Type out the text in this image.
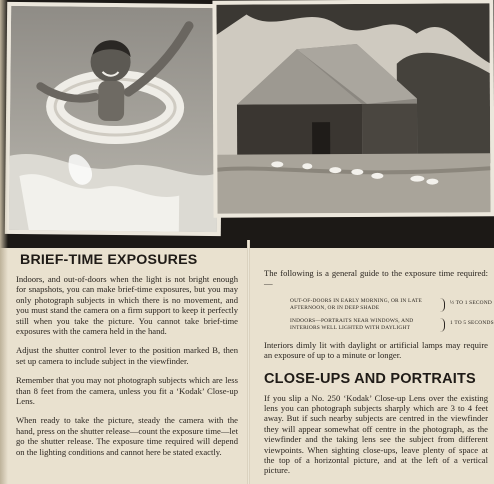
BRIEF-TIME EXPOSURES

Indoors, and out-of-doors when the light is not bright enough for snapshots, you can make brief-time exposures, but you may only photograph subjects in which there is no movement, and you must stand the camera on a firm support to keep it perfectly still when you take the picture. You cannot take brief-time exposures with the camera held in the hand.

Adjust the shutter control lever to the position marked B, then set up camera to include subject in the viewfinder.

Remember that you may not photograph subjects which are less than 8 feet from the camera, unless you fit a ‘Kodak’ Close-up Lens.

When ready to take the picture, steady the camera with the hand, press on the shutter release—count the exposure time—let go the shutter release. The exposure time required will depend on the lighting conditions and cannot here be stated exactly.

The following is a general guide to the exposure time required:—

OUT-OF-DOORS IN EARLY MORNING, OR IN LATE AFTERNOON, OR IN DEEP SHADE
½ TO 1 SECOND
INDOORS—PORTRAITS NEAR WINDOWS, AND INTERIORS WELL LIGHTED WITH DAYLIGHT
1 TO 5 SECONDS

Interiors dimly lit with daylight or artificial lamps may require an exposure of up to a minute or longer.

CLOSE-UPS AND PORTRAITS

If you slip a No. 250 ‘Kodak’ Close-up Lens over the existing lens you can photograph subjects sharply which are 3 to 4 feet away. But if such nearby subjects are centred in the viewfinder they will appear somewhat off centre in the photograph, as the viewfinder and the taking lens see the subject from different viewpoints. When sighting close-ups, leave plenty of space at the top of a horizontal picture, and at the left of a vertical picture.
